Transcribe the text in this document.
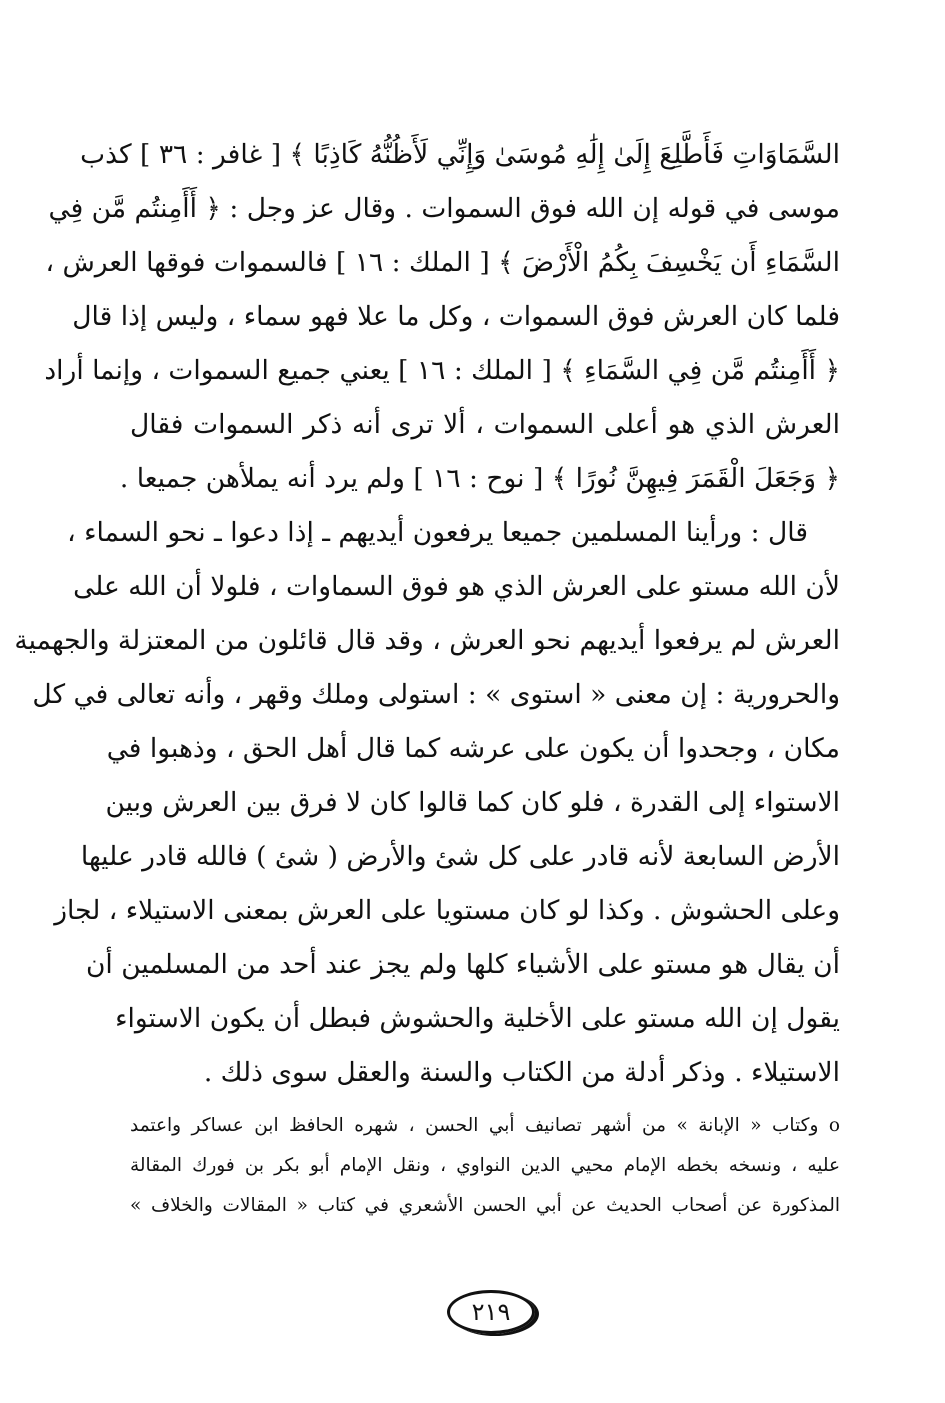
السَّمَاوَاتِ فَأَطَّلِعَ إِلَىٰ إِلَٰهِ مُوسَىٰ وَإِنِّي لَأَظُنُّهُ كَاذِبًا ﴾ [ غافر : ٣٦ ] كذب
موسى في قوله إن الله فوق السموات . وقال عز وجل : ﴿ أَأَمِنتُم مَّن فِي
السَّمَاءِ أَن يَخْسِفَ بِكُمُ الْأَرْضَ ﴾ [ الملك : ١٦ ] فالسموات فوقها العرش ،
فلما كان العرش فوق السموات ، وكل ما علا فهو سماء ، وليس إذا قال
﴿ أَأَمِنتُم مَّن فِي السَّمَاءِ ﴾ [ الملك : ١٦ ] يعني جميع السموات ، وإنما أراد
العرش الذي هو أعلى السموات ، ألا ترى أنه ذكر السموات فقال
﴿ وَجَعَلَ الْقَمَرَ فِيهِنَّ نُورًا ﴾ [ نوح : ١٦ ] ولم يرد أنه يملأهن جميعا .
قال : ورأينا المسلمين جميعا يرفعون أيديهم ـ إذا دعوا ـ نحو السماء ،
لأن الله مستو على العرش الذي هو فوق السماوات ، فلولا أن الله على
العرش لم يرفعوا أيديهم نحو العرش ، وقد قال قائلون من المعتزلة والجهمية
والحرورية : إن معنى « استوى » : استولى وملك وقهر ، وأنه تعالى في كل
مكان ، وجحدوا أن يكون على عرشه كما قال أهل الحق ، وذهبوا في
الاستواء إلى القدرة ، فلو كان كما قالوا كان لا فرق بين العرش وبين
الأرض السابعة لأنه قادر على كل شئ والأرض ( شئ ) فالله قادر عليها
وعلى الحشوش . وكذا لو كان مستويا على العرش بمعنى الاستيلاء ، لجاز
أن يقال هو مستو على الأشياء كلها ولم يجز عند أحد من المسلمين أن
يقول إن الله مستو على الأخلية والحشوش فبطل أن يكون الاستواء
الاستيلاء . وذكر أدلة من الكتاب والسنة والعقل سوى ذلك .
ο وكتاب « الإبانة » من أشهر تصانيف أبي الحسن ، شهره الحافظ ابن عساكر واعتمد
عليه ، ونسخه بخطه الإمام محيي الدين النواوي ، ونقل الإمام أبو بكر بن فورك المقالة
المذكورة عن أصحاب الحديث عن أبي الحسن الأشعري في كتاب « المقالات والخلاف »
٢١٩
